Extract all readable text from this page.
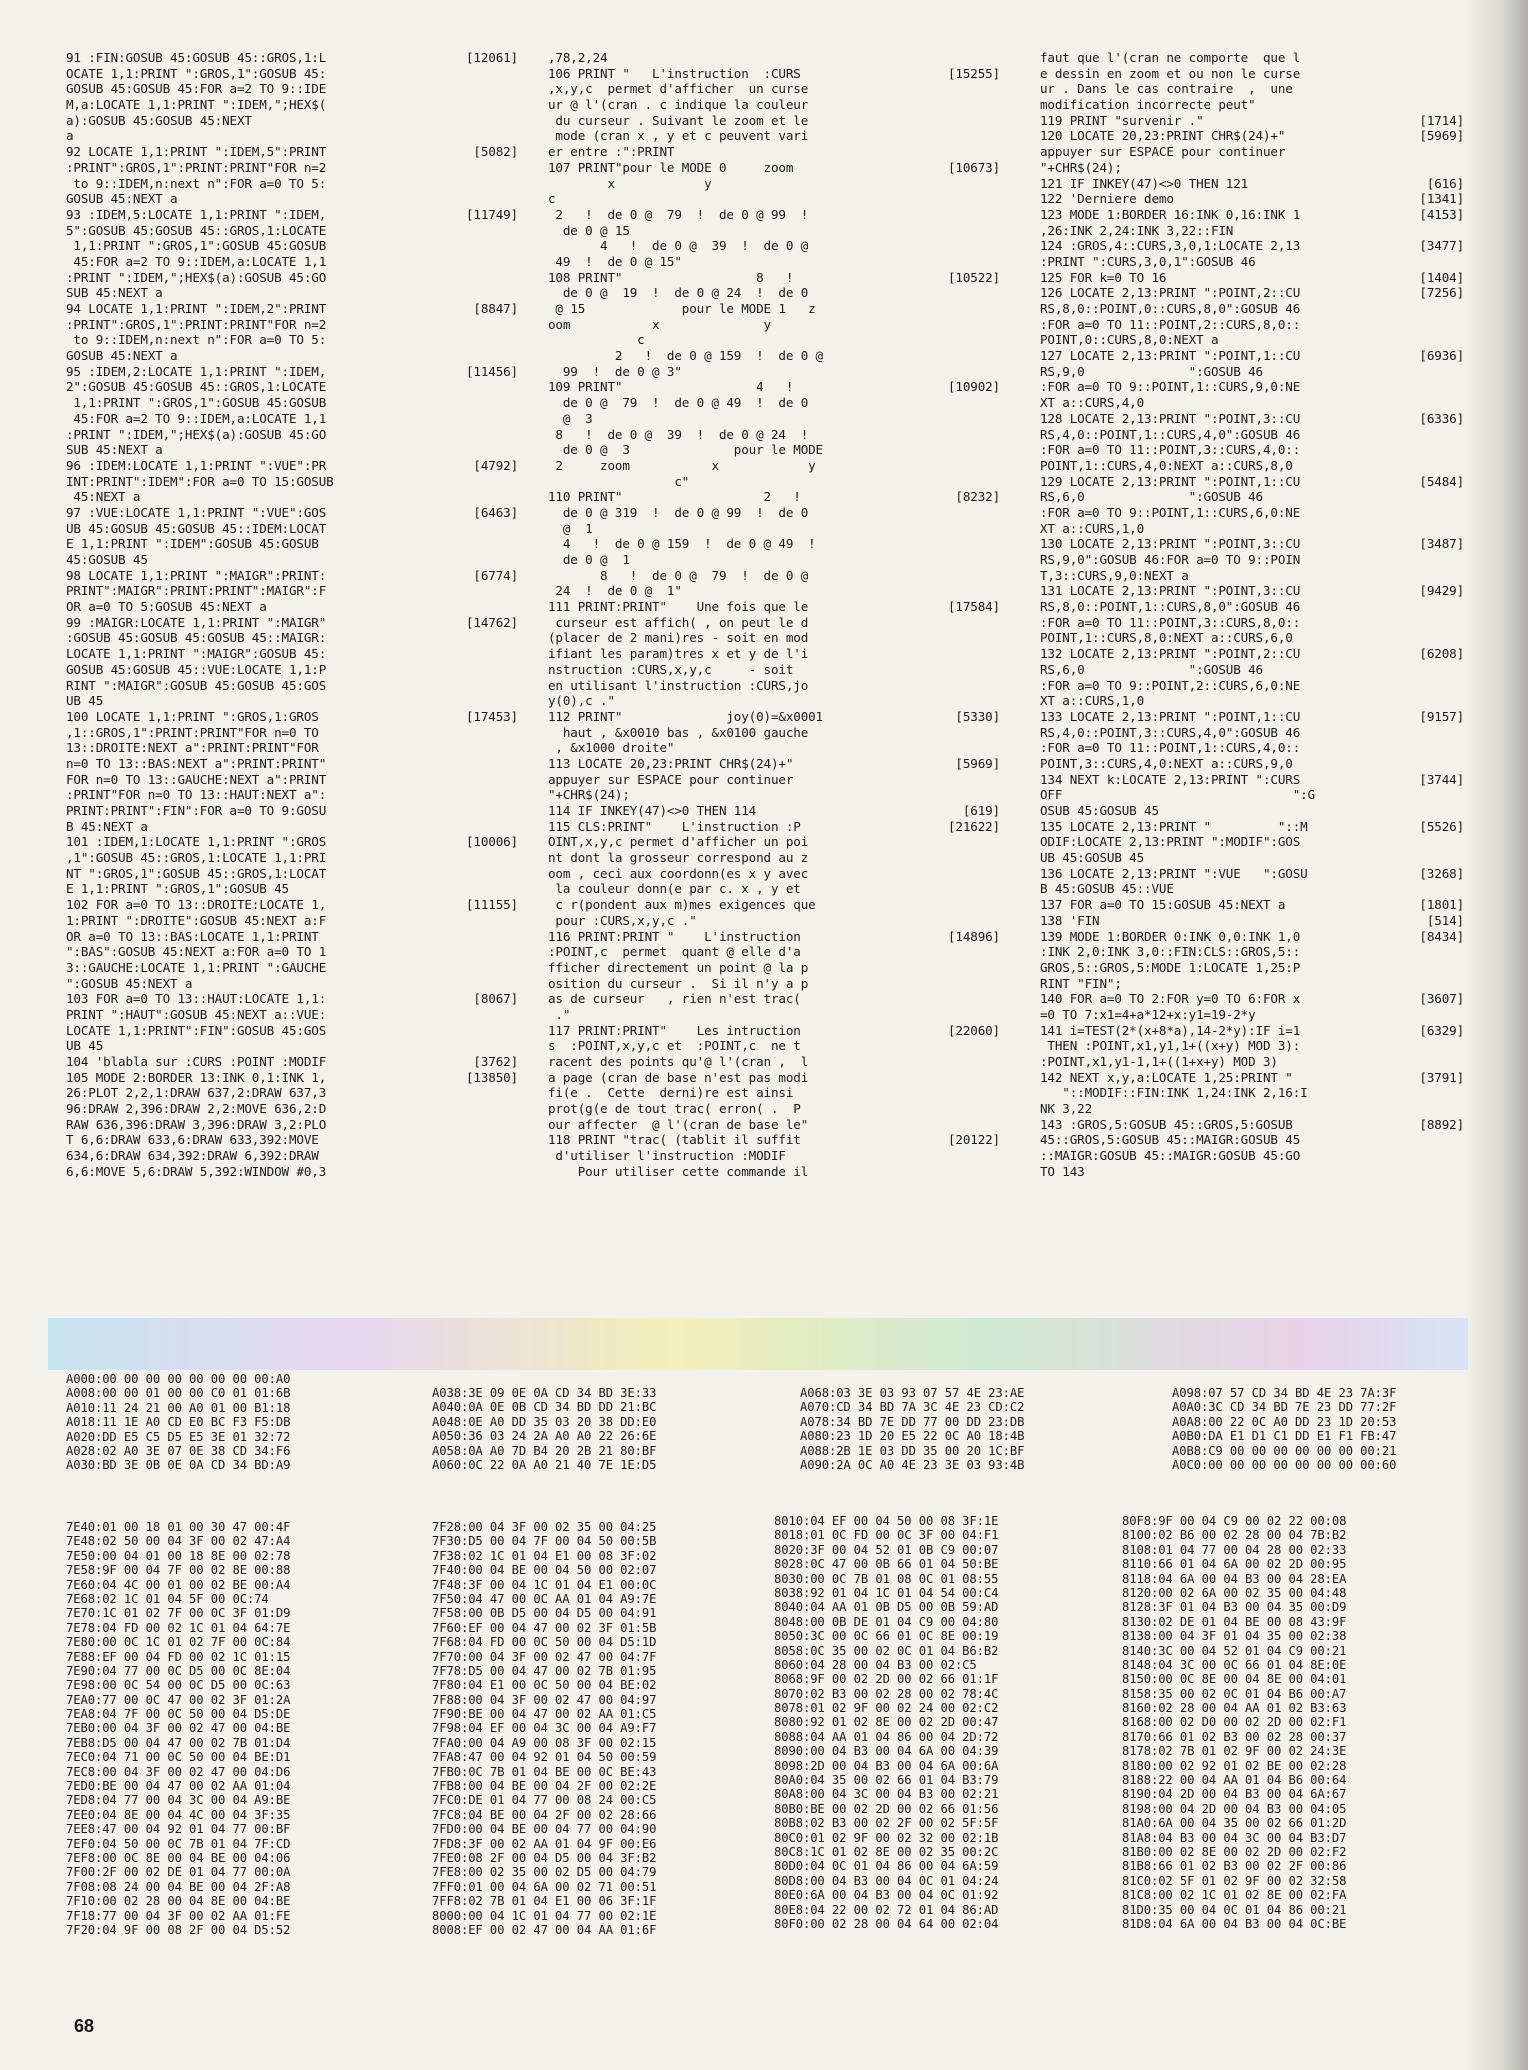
91 :FIN:GOSUB 45:GOSUB 45::GROS,1:L	[12061]
OCATE 1,1:PRINT ":GROS,1":GOSUB 45:
GOSUB 45:GOSUB 45:FOR a=2 TO 9::IDE
M,a:LOCATE 1,1:PRINT ":IDEM,";HEX$(
a):GOSUB 45:GOSUB 45:NEXT
a
92 LOCATE 1,1:PRINT ":IDEM,5":PRINT	[5082]
:PRINT":GROS,1":PRINT:PRINT"FOR n=2
to 9::IDEM,n:next n":FOR a=0 TO 5:
GOSUB 45:NEXT a
93 :IDEM,5:LOCATE 1,1:PRINT ":IDEM,	[11749]
5":GOSUB 45:GOSUB 45::GROS,1:LOCATE
1,1:PRINT ":GROS,1":GOSUB 45:GOSUB
45:FOR a=2 TO 9::IDEM,a:LOCATE 1,1
:PRINT ":IDEM,";HEX$(a):GOSUB 45:GO
SUB 45:NEXT a
94 LOCATE 1,1:PRINT ":IDEM,2":PRINT	[8847]
:PRINT":GROS,1":PRINT:PRINT"FOR n=2
to 9::IDEM,n:next n":FOR a=0 TO 5:
GOSUB 45:NEXT a
95 :IDEM,2:LOCATE 1,1:PRINT ":IDEM,	[11456]
2":GOSUB 45:GOSUB 45::GROS,1:LOCATE
1,1:PRINT ":GROS,1":GOSUB 45:GOSUB
45:FOR a=2 TO 9::IDEM,a:LOCATE 1,1
:PRINT ":IDEM,";HEX$(a):GOSUB 45:GO
SUB 45:NEXT a
96 :IDEM:LOCATE 1,1:PRINT ":VUE":PR	[4792]
INT:PRINT":IDEM":FOR a=0 TO 15:GOSUB
45:NEXT a
97 :VUE:LOCATE 1,1:PRINT ":VUE":GOS	[6463]
UB 45:GOSUB 45:GOSUB 45::IDEM:LOCAT
E 1,1:PRINT ":IDEM":GOSUB 45:GOSUB
45:GOSUB 45
98 LOCATE 1,1:PRINT ":MAIGR":PRINT:	[6774]
PRINT":MAIGR":PRINT:PRINT":MAIGR":F
OR a=0 TO 5:GOSUB 45:NEXT a
99 :MAIGR:LOCATE 1,1:PRINT ":MAIGR"	[14762]
:GOSUB 45:GOSUB 45:GOSUB 45::MAIGR:
LOCATE 1,1:PRINT ":MAIGR":GOSUB 45:
GOSUB 45:GOSUB 45::VUE:LOCATE 1,1:P
RINT ":MAIGR":GOSUB 45:GOSUB 45:GOS
UB 45
100 LOCATE 1,1:PRINT ":GROS,1:GROS	[17453]
,1::GROS,1":PRINT:PRINT"FOR n=0 TO
13::DROITE:NEXT a":PRINT:PRINT"FOR
n=0 TO 13::BAS:NEXT a":PRINT:PRINT"
FOR n=0 TO 13::GAUCHE:NEXT a":PRINT
:PRINT"FOR n=0 TO 13::HAUT:NEXT a":
PRINT:PRINT":FIN":FOR a=0 TO 9:GOSU
B 45:NEXT a
101 :IDEM,1:LOCATE 1,1:PRINT ":GROS	[10006]
,1":GOSUB 45::GROS,1:LOCATE 1,1:PRI
NT ":GROS,1":GOSUB 45::GROS,1:LOCAT
E 1,1:PRINT ":GROS,1":GOSUB 45
102 FOR a=0 TO 13::DROITE:LOCATE 1,	[11155]
1:PRINT ":DROITE":GOSUB 45:NEXT a:F
OR a=0 TO 13::BAS:LOCATE 1,1:PRINT
":BAS":GOSUB 45:NEXT a:FOR a=0 TO 1
3::GAUCHE:LOCATE 1,1:PRINT ":GAUCHE
":GOSUB 45:NEXT a
103 FOR a=0 TO 13::HAUT:LOCATE 1,1:	[8067]
PRINT ":HAUT":GOSUB 45:NEXT a::VUE:
LOCATE 1,1:PRINT":FIN":GOSUB 45:GOS
UB 45
104 'blabla sur :CURS :POINT :MODIF	[3762]
105 MODE 2:BORDER 13:INK 0,1:INK 1,	[13850]
26:PLOT 2,2,1:DRAW 637,2:DRAW 637,3
96:DRAW 2,396:DRAW 2,2:MOVE 636,2:D
RAW 636,396:DRAW 3,396:DRAW 3,2:PLO
T 6,6:DRAW 633,6:DRAW 633,392:MOVE
634,6:DRAW 634,392:DRAW 6,392:DRAW
6,6:MOVE 5,6:DRAW 5,392:WINDOW #0,3
,78,2,24
106 PRINT "   L'instruction  :CURS	[15255]
,x,y,c  permet d'afficher  un curse
ur @ l'(cran . c indique la couleur
du curseur . Suivant le zoom et le
mode (cran x , y et c peuvent vari
er entre :":PRINT
107 PRINT"pour le MODE 0     zoom	[10673]
x            y
c
2   !  de 0 @  79  !  de 0 @ 99  !
de 0 @ 15
4   !  de 0 @  39  !  de 0 @
49  !  de 0 @ 15"
108 PRINT"                  8   !	[10522]
de 0 @  19  !  de 0 @ 24  !  de 0
@ 15             pour le MODE 1   z
oom           x              y
c
2   !  de 0 @ 159  !  de 0 @
99  !  de 0 @ 3"
109 PRINT"                  4   !	[10902]
de 0 @  79  !  de 0 @ 49  !  de 0
@  3
8   !  de 0 @  39  !  de 0 @ 24  !
de 0 @  3              pour le MODE
2     zoom           x            y
c"
110 PRINT"                   2   !	[8232]
de 0 @ 319  !  de 0 @ 99  !  de 0
@  1
4   !  de 0 @ 159  !  de 0 @ 49  !
de 0 @  1
8   !  de 0 @  79  !  de 0 @
24  !  de 0 @  1"
111 PRINT:PRINT"    Une fois que le	[17584]
curseur est affich( , on peut le d
(placer de 2 mani)res - soit en mod
ifiant les param)tres x et y de l'i
nstruction :CURS,x,y,c     - soit
en utilisant l'instruction :CURS,jo
y(0),c ."
112 PRINT"              joy(0)=&x0001	[5330]
haut , &x0010 bas , &x0100 gauche
, &x1000 droite"
113 LOCATE 20,23:PRINT CHR$(24)+"	[5969]
appuyer sur ESPACE pour continuer
"+CHR$(24);
114 IF INKEY(47)<>0 THEN 114	[619]
115 CLS:PRINT"    L'instruction :P	[21622]
OINT,x,y,c permet d'afficher un poi
nt dont la grosseur correspond au z
oom , ceci aux coordonn(es x y avec
la couleur donn(e par c. x , y et
c r(pondent aux m)mes exigences que
pour :CURS,x,y,c ."
116 PRINT:PRINT "    L'instruction	[14896]
:POINT,c  permet  quant @ elle d'a
fficher directement un point @ la p
osition du curseur .  Si il n'y a p
as de curseur   , rien n'est trac(
."
117 PRINT:PRINT"    Les intruction	[22060]
s  :POINT,x,y,c et  :POINT,c  ne t
racent des points qu'@ l'(cran ,  l
a page (cran de base n'est pas modi
fi(e .  Cette  derni)re est ainsi
prot(g(e de tout trac( erron( .  P
our affecter  @ l'(cran de base le"
118 PRINT "trac( (tablit il suffit	[20122]
d'utiliser l'instruction :MODIF
Pour utiliser cette commande il
faut que l'(cran ne comporte  que l
e dessin en zoom et ou non le curse
ur . Dans le cas contraire  ,  une
modification incorrecte peut"
119 PRINT "survenir ."	[1714]
120 LOCATE 20,23:PRINT CHR$(24)+"	[5969]
appuyer sur ESPACE pour continuer
"+CHR$(24);
121 IF INKEY(47)<>0 THEN 121	[616]
122 'Derniere demo	[1341]
123 MODE 1:BORDER 16:INK 0,16:INK 1	[4153]
,26:INK 2,24:INK 3,22::FIN
124 :GROS,4::CURS,3,0,1:LOCATE 2,13	[3477]
:PRINT ":CURS,3,0,1":GOSUB 46
125 FOR k=0 TO 16	[1404]
126 LOCATE 2,13:PRINT ":POINT,2::CU	[7256]
RS,8,0::POINT,0::CURS,8,0":GOSUB 46
:FOR a=0 TO 11::POINT,2::CURS,8,0::
POINT,0::CURS,8,0:NEXT a
127 LOCATE 2,13:PRINT ":POINT,1::CU	[6936]
RS,9,0              ":GOSUB 46
:FOR a=0 TO 9::POINT,1::CURS,9,0:NE
XT a::CURS,4,0
128 LOCATE 2,13:PRINT ":POINT,3::CU	[6336]
RS,4,0::POINT,1::CURS,4,0":GOSUB 46
:FOR a=0 TO 11::POINT,3::CURS,4,0::
POINT,1::CURS,4,0:NEXT a::CURS,8,0
129 LOCATE 2,13:PRINT ":POINT,1::CU	[5484]
RS,6,0              ":GOSUB 46
:FOR a=0 TO 9::POINT,1::CURS,6,0:NE
XT a::CURS,1,0
130 LOCATE 2,13:PRINT ":POINT,3::CU	[3487]
RS,9,0":GOSUB 46:FOR a=0 TO 9::POIN
T,3::CURS,9,0:NEXT a
131 LOCATE 2,13:PRINT ":POINT,3::CU	[9429]
RS,8,0::POINT,1::CURS,8,0":GOSUB 46
:FOR a=0 TO 11::POINT,3::CURS,8,0::
POINT,1::CURS,8,0:NEXT a::CURS,6,0
132 LOCATE 2,13:PRINT ":POINT,2::CU	[6208]
RS,6,0              ":GOSUB 46
:FOR a=0 TO 9::POINT,2::CURS,6,0:NE
XT a::CURS,1,0
133 LOCATE 2,13:PRINT ":POINT,1::CU	[9157]
RS,4,0::POINT,3::CURS,4,0":GOSUB 46
:FOR a=0 TO 11::POINT,1::CURS,4,0::
POINT,3::CURS,4,0:NEXT a::CURS,9,0
134 NEXT k:LOCATE 2,13:PRINT ":CURS	[3744]
OFF                               ":G
OSUB 45:GOSUB 45
135 LOCATE 2,13:PRINT "         "::M	[5526]
ODIF:LOCATE 2,13:PRINT ":MODIF":GOS
UB 45:GOSUB 45
136 LOCATE 2,13:PRINT ":VUE   ":GOSU	[3268]
B 45:GOSUB 45::VUE
137 FOR a=0 TO 15:GOSUB 45:NEXT a	[1801]
138 'FIN	[514]
139 MODE 1:BORDER 0:INK 0,0:INK 1,0	[8434]
:INK 2,0:INK 3,0::FIN:CLS::GROS,5::
GROS,5::GROS,5:MODE 1:LOCATE 1,25:P
RINT "FIN";
140 FOR a=0 TO 2:FOR y=0 TO 6:FOR x	[3607]
=0 TO 7:x1=4+a*12+x:y1=19-2*y
141 i=TEST(2*(x+8*a),14-2*y):IF i=1	[6329]
THEN :POINT,x1,y1,1+((x+y) MOD 3):
:POINT,x1,y1-1,1+((1+x+y) MOD 3)
142 NEXT x,y,a:LOCATE 1,25:PRINT "	[3791]
"::MODIF::FIN:INK 1,24:INK 2,16:I
NK 3,22
143 :GROS,5:GOSUB 45::GROS,5:GOSUB	[8892]
45::GROS,5:GOSUB 45::MAIGR:GOSUB 45
::MAIGR:GOSUB 45::MAIGR:GOSUB 45:GO
TO 143
A000:00 00 00 00 00 00 00 00:A0
A008:00 00 01 00 00 C0 01 01:6B
A010:11 24 21 00 A0 01 00 B1:18
A018:11 1E A0 CD E0 BC F3 F5:DB
A020:DD E5 C5 D5 E5 3E 01 32:72
A028:02 A0 3E 07 0E 38 CD 34:F6
A030:BD 3E 0B 0E 0A CD 34 BD:A9
A038:3E 09 0E 0A CD 34 BD 3E:33
A040:0A 0E 0B CD 34 BD DD 21:BC
A048:0E A0 DD 35 03 20 38 DD:E0
A050:36 03 24 2A A0 A0 22 26:6E
A058:0A A0 7D B4 20 2B 21 80:BF
A060:0C 22 0A A0 21 40 7E 1E:D5
A068:03 3E 03 93 07 57 4E 23:AE
A070:CD 34 BD 7A 3C 4E 23 CD:C2
A078:34 BD 7E DD 77 00 DD 23:DB
A080:23 1D 20 E5 22 0C A0 18:4B
A088:2B 1E 03 DD 35 00 20 1C:BF
A090:2A 0C A0 4E 23 3E 03 93:4B
A098:07 57 CD 34 BD 4E 23 7A:3F
A0A0:3C CD 34 BD 7E 23 DD 77:2F
A0A8:00 22 0C A0 DD 23 1D 20:53
A0B0:DA E1 D1 C1 DD E1 F1 FB:47
A0B8:C9 00 00 00 00 00 00 00:21
A0C0:00 00 00 00 00 00 00 00:60
7E40:01 00 18 01 00 30 47 00:4F
7E48:02 50 00 04 3F 00 02 47:A4
7E50:00 04 01 00 18 8E 00 02:78
7E58:9F 00 04 7F 00 02 8E 00:88
7E60:04 4C 00 01 00 02 BE 00:A4
7E68:02 1C 01 04 5F 00 0C:74
7E70:1C 01 02 7F 00 0C 3F 01:D9
7E78:04 FD 00 02 1C 01 04 64:7E
7E80:00 0C 1C 01 02 7F 00 0C:84
7E88:EF 00 04 FD 00 02 1C 01:15
7E90:04 77 00 0C D5 00 0C 8E:04
7E98:00 0C 54 00 0C D5 00 0C:63
7EA0:77 00 0C 47 00 02 3F 01:2A
7EA8:04 7F 00 0C 50 00 04 D5:DE
7EB0:00 04 3F 00 02 47 00 04:BE
7EB8:D5 00 04 47 00 02 7B 01:D4
7EC0:04 71 00 0C 50 00 04 BE:D1
7EC8:00 04 3F 00 02 47 00 04:D6
7ED0:BE 00 04 47 00 02 AA 01:04
7ED8:04 77 00 04 3C 00 04 A9:BE
7EE0:04 8E 00 04 4C 00 04 3F:35
7EE8:47 00 04 92 01 04 77 00:BF
7EF0:04 50 00 0C 7B 01 04 7F:CD
7EF8:00 0C 8E 00 04 BE 00 04:06
7F00:2F 00 02 DE 01 04 77 00:0A
7F08:08 24 00 04 BE 00 04 2F:A8
7F10:00 02 28 00 04 8E 00 04:BE
7F18:77 00 04 3F 00 02 AA 01:FE
7F20:04 9F 00 08 2F 00 04 D5:52
7F28:00 04 3F 00 02 35 00 04:25
7F30:D5 00 04 7F 00 04 50 00:5B
7F38:02 1C 01 04 E1 00 08 3F:02
7F40:00 04 BE 00 04 50 00 02:07
7F48:3F 00 04 1C 01 04 E1 00:0C
7F50:04 47 00 0C AA 01 04 A9:7E
7F58:00 0B D5 00 04 D5 00 04:91
7F60:EF 00 04 47 00 02 3F 01:5B
7F68:04 FD 00 0C 50 00 04 D5:1D
7F70:00 04 3F 00 02 47 00 04:7F
7F78:D5 00 04 47 00 02 7B 01:95
7F80:04 E1 00 0C 50 00 04 BE:02
7F88:00 04 3F 00 02 47 00 04:97
7F90:BE 00 04 47 00 02 AA 01:C5
7F98:04 EF 00 04 3C 00 04 A9:F7
7FA0:00 04 A9 00 08 3F 00 02:15
7FA8:47 00 04 92 01 04 50 00:59
7FB0:0C 7B 01 04 BE 00 0C BE:43
7FB8:00 04 BE 00 04 2F 00 02:2E
7FC0:DE 01 04 77 00 08 24 00:C5
7FC8:04 BE 00 04 2F 00 02 28:66
7FD0:00 04 BE 00 04 77 00 04:90
7FD8:3F 00 02 AA 01 04 9F 00:E6
7FE0:08 2F 00 04 D5 00 04 3F:B2
7FE8:00 02 35 00 02 D5 00 04:79
7FF0:01 00 04 6A 00 02 71 00:51
7FF8:02 7B 01 04 E1 00 06 3F:1F
8000:00 04 1C 01 04 77 00 02:1E
8008:EF 00 02 47 00 04 AA 01:6F
8010:04 EF 00 04 50 00 08 3F:1E
8018:01 0C FD 00 0C 3F 00 04:F1
8020:3F 00 04 52 01 0B C9 00:07
8028:0C 47 00 0B 66 01 04 50:BE
8030:00 0C 7B 01 08 0C 01 08:55
8038:92 01 04 1C 01 04 54 00:C4
8040:04 AA 01 0B D5 00 0B 59:AD
8048:00 0B DE 01 04 C9 00 04:80
8050:3C 00 0C 66 01 0C 8E 00:19
8058:0C 35 00 02 0C 01 04 B6:B2
8060:04 28 00 04 B3 00 02:C5
8068:9F 00 02 2D 00 02 66 01:1F
8070:02 B3 00 02 28 00 02 78:4C
8078:01 02 9F 00 02 24 00 02:C2
8080:92 01 02 8E 00 02 2D 00:47
8088:04 AA 01 04 86 00 04 2D:72
8090:00 04 B3 00 04 6A 00 04:39
8098:2D 00 04 B3 00 04 6A 00:6A
80A0:04 35 00 02 66 01 04 B3:79
80A8:00 04 3C 00 04 B3 00 02:21
80B0:BE 00 02 2D 00 02 66 01:56
80B8:02 B3 00 02 2F 00 02 5F:5F
80C0:01 02 9F 00 02 32 00 02:1B
80C8:1C 01 02 8E 00 02 35 00:2C
80D0:04 0C 01 04 86 00 04 6A:59
80D8:00 04 B3 00 04 0C 01 04:24
80E0:6A 00 04 B3 00 04 0C 01:92
80E8:04 22 00 02 72 01 04 86:AD
80F0:00 02 28 00 04 64 00 02:04
80F8:9F 00 04 C9 00 02 22 00:08
8100:02 B6 00 02 28 00 04 7B:B2
8108:01 04 77 00 04 28 00 02:33
8110:66 01 04 6A 00 02 2D 00:95
8118:04 6A 00 04 B3 00 04 28:EA
8120:00 02 6A 00 02 35 00 04:48
8128:3F 01 04 B3 00 04 35 00:D9
8130:02 DE 01 04 BE 00 08 43:9F
8138:00 04 3F 01 04 35 00 02:38
8140:3C 00 04 52 01 04 C9 00:21
8148:04 3C 00 0C 66 01 04 8E:0E
8150:00 0C 8E 00 04 8E 00 04:01
8158:35 00 02 0C 01 04 B6 00:A7
8160:02 28 00 04 AA 01 02 B3:63
8168:00 02 D0 00 02 2D 00 02:F1
8170:66 01 02 B3 00 02 28 00:37
8178:02 7B 01 02 9F 00 02 24:3E
8180:00 02 92 01 02 BE 00 02:28
8188:22 00 04 AA 01 04 B6 00:64
8190:04 2D 00 04 B3 00 04 6A:67
8198:00 04 2D 00 04 B3 00 04:05
81A0:6A 00 04 35 00 02 66 01:2D
81A8:04 B3 00 04 3C 00 04 B3:D7
81B0:00 02 8E 00 02 2D 00 02:F2
81B8:66 01 02 B3 00 02 2F 00:86
81C0:02 5F 01 02 9F 00 02 32:58
81C8:00 02 1C 01 02 8E 00 02:FA
81D0:35 00 04 0C 01 04 86 00:21
81D8:04 6A 00 04 B3 00 04 0C:BE
68
